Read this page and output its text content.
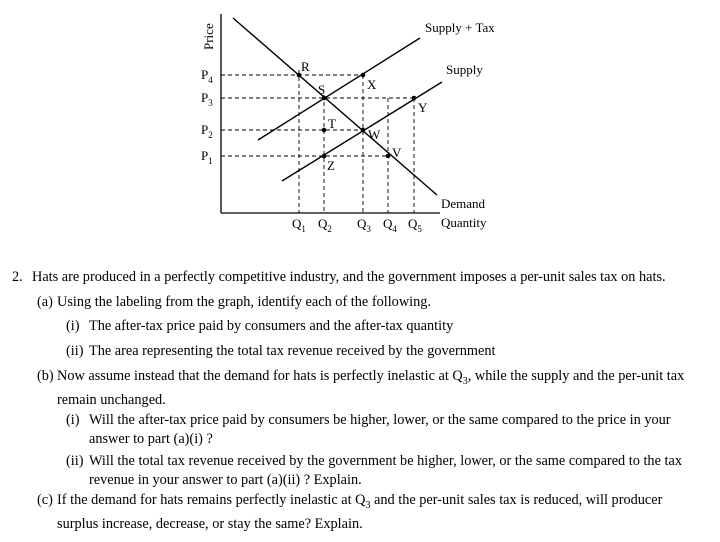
Price	Supply + Tax
Supply
Demand
Quantity
$P_4$
$P_3$
$P_2$
$P_1$
$Q_1$ $Q_2$ $Q_3$ $Q_4$ $Q_5$
R
S
T
W
X
Y
V
Z
2. Hats are produced in a perfectly competitive industry, and the government imposes a per-unit sales tax on hats.
(a) Using the labeling from the graph, identify each of the following.
(i) The after-tax price paid by consumers and the after-tax quantity
(ii) The area representing the total tax revenue received by the government
(b) Now assume instead that the demand for hats is perfectly inelastic at $Q_3$, while the supply and the per-unit tax remain unchanged.
(i) Will the after-tax price paid by consumers be higher, lower, or the same compared to the price in your answer to part (a)(i) ?
(ii) Will the total tax revenue received by the government be higher, lower, or the same compared to the tax revenue in your answer to part (a)(ii) ? Explain.
(c) If the demand for hats remains perfectly inelastic at $Q_3$ and the per-unit sales tax is reduced, will producer surplus increase, decrease, or stay the same? Explain.
